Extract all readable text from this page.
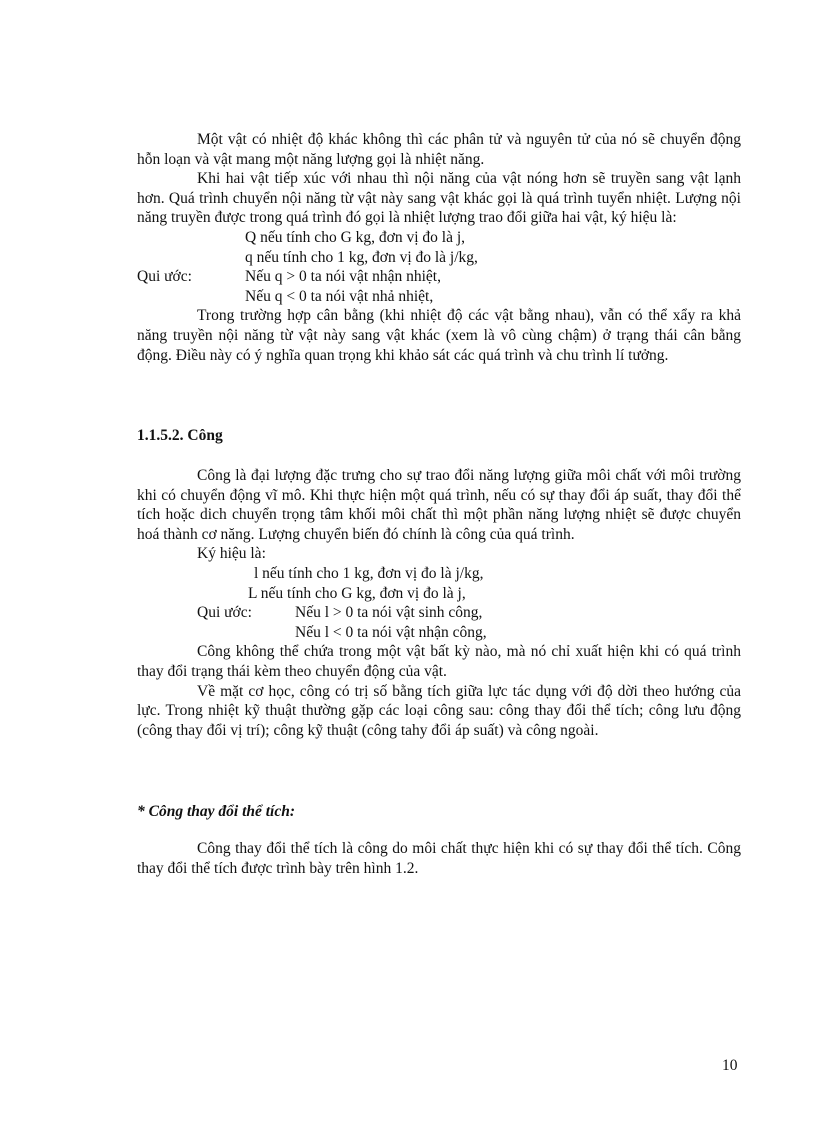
Một vật có nhiệt độ khác không thì các phân tử và nguyên tử của nó sẽ chuyển động hỗn loạn và vật mang một năng lượng gọi là nhiệt năng.

Khi hai vật tiếp xúc với nhau thì nội năng của vật nóng hơn sẽ truyền sang vật lạnh hơn. Quá trình chuyển nội năng từ vật này sang vật khác gọi là quá trình tuyển nhiệt. Lượng nội năng truyền được trong quá trình đó gọi là nhiệt lượng trao đổi giữa hai vật, ký hiệu là:

Q nếu tính cho G kg, đơn vị đo là j,

q nếu tính cho 1 kg, đơn vị đo là j/kg,

Qui ước:	Nếu q > 0 ta nói vật nhận nhiệt,

Nếu q < 0 ta nói vật nhả nhiệt,

Trong trường hợp cân bằng (khi nhiệt độ các vật bằng nhau), vẫn có thể xẩy ra khả năng truyền nội năng từ vật này sang vật khác (xem là vô cùng chậm) ở trạng thái cân bằng động. Điều này có ý nghĩa quan trọng khi khảo sát các quá trình và chu trình lí tưởng.

1.1.5.2. Công

Công là đại lượng đặc trưng cho sự trao đổi năng lượng giữa môi chất với môi trường khi có chuyển động vĩ mô. Khi thực hiện một quá trình, nếu có sự thay đổi áp suất, thay đổi thể tích hoặc dich chuyển trọng tâm khối môi chất thì một phần năng lượng nhiệt sẽ được chuyển hoá thành cơ năng. Lượng chuyển biến đó chính là công của quá trình.

Ký hiệu là:

l nếu tính cho 1 kg, đơn vị đo là j/kg,

L nếu tính cho G kg, đơn vị đo là j,

Qui ước:	Nếu l > 0 ta nói vật sinh công,

Nếu l < 0 ta nói vật nhận công,

Công không thể chứa trong một vật bất kỳ nào, mà nó chỉ xuất hiện khi có quá trình thay đổi trạng thái kèm theo chuyển động của vật.

Về mặt cơ học, công có trị số bằng tích giữa lực tác dụng với độ dời theo hướng của lực. Trong nhiệt kỹ thuật thường gặp các loại công sau: công thay đổi thể tích; công lưu động (công thay đổi vị trí); công kỹ thuật (công tahy đổi áp suất) và công ngoài.

* Công thay đổi thể tích:

Công thay đổi thể tích là công do môi chất thực hiện khi có sự thay đổi thể tích. Công thay đổi thể tích được trình bày trên hình 1.2.

10
